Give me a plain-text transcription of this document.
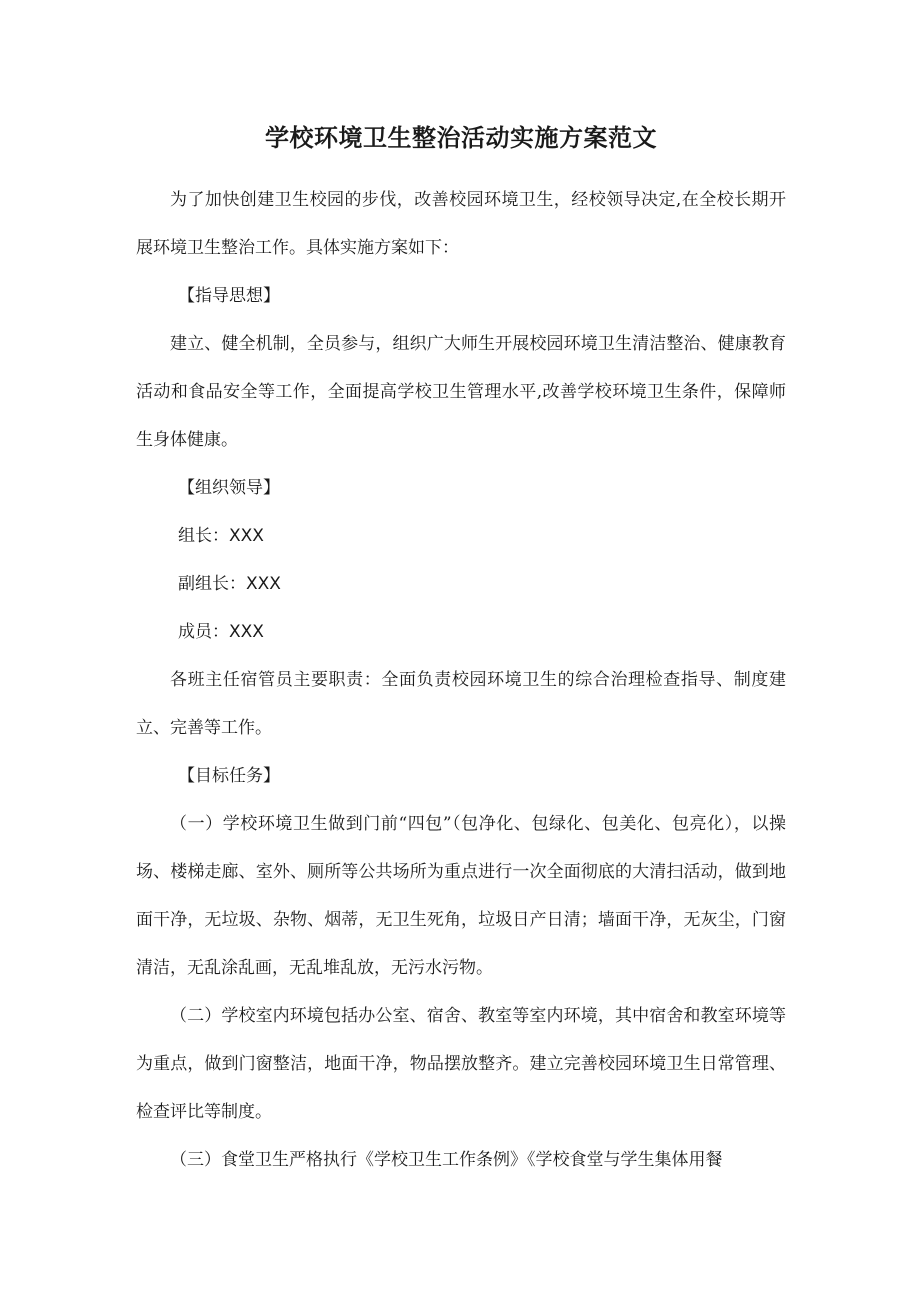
学校环境卫生整治活动实施方案范文

为了加快创建卫生校园的步伐，改善校园环境卫生，经校领导决定,在全校长期开展环境卫生整治工作。具体实施方案如下：

【指导思想】

建立、健全机制，全员参与，组织广大师生开展校园环境卫生清洁整治、健康教育活动和食品安全等工作，全面提高学校卫生管理水平,改善学校环境卫生条件，保障师生身体健康。

【组织领导】

组长：XXX

副组长：XXX

成员：XXX

各班主任宿管员主要职责：全面负责校园环境卫生的综合治理检查指导、制度建立、完善等工作。

【目标任务】

（一）学校环境卫生做到门前“四包”（包净化、包绿化、包美化、包亮化），以操场、楼梯走廊、室外、厕所等公共场所为重点进行一次全面彻底的大清扫活动，做到地面干净，无垃圾、杂物、烟蒂，无卫生死角，垃圾日产日清；墙面干净，无灰尘，门窗清洁，无乱涂乱画，无乱堆乱放，无污水污物。

（二）学校室内环境包括办公室、宿舍、教室等室内环境，其中宿舍和教室环境等为重点，做到门窗整洁，地面干净，物品摆放整齐。建立完善校园环境卫生日常管理、检查评比等制度。

（三）食堂卫生严格执行《学校卫生工作条例》《学校食堂与学生集体用餐
